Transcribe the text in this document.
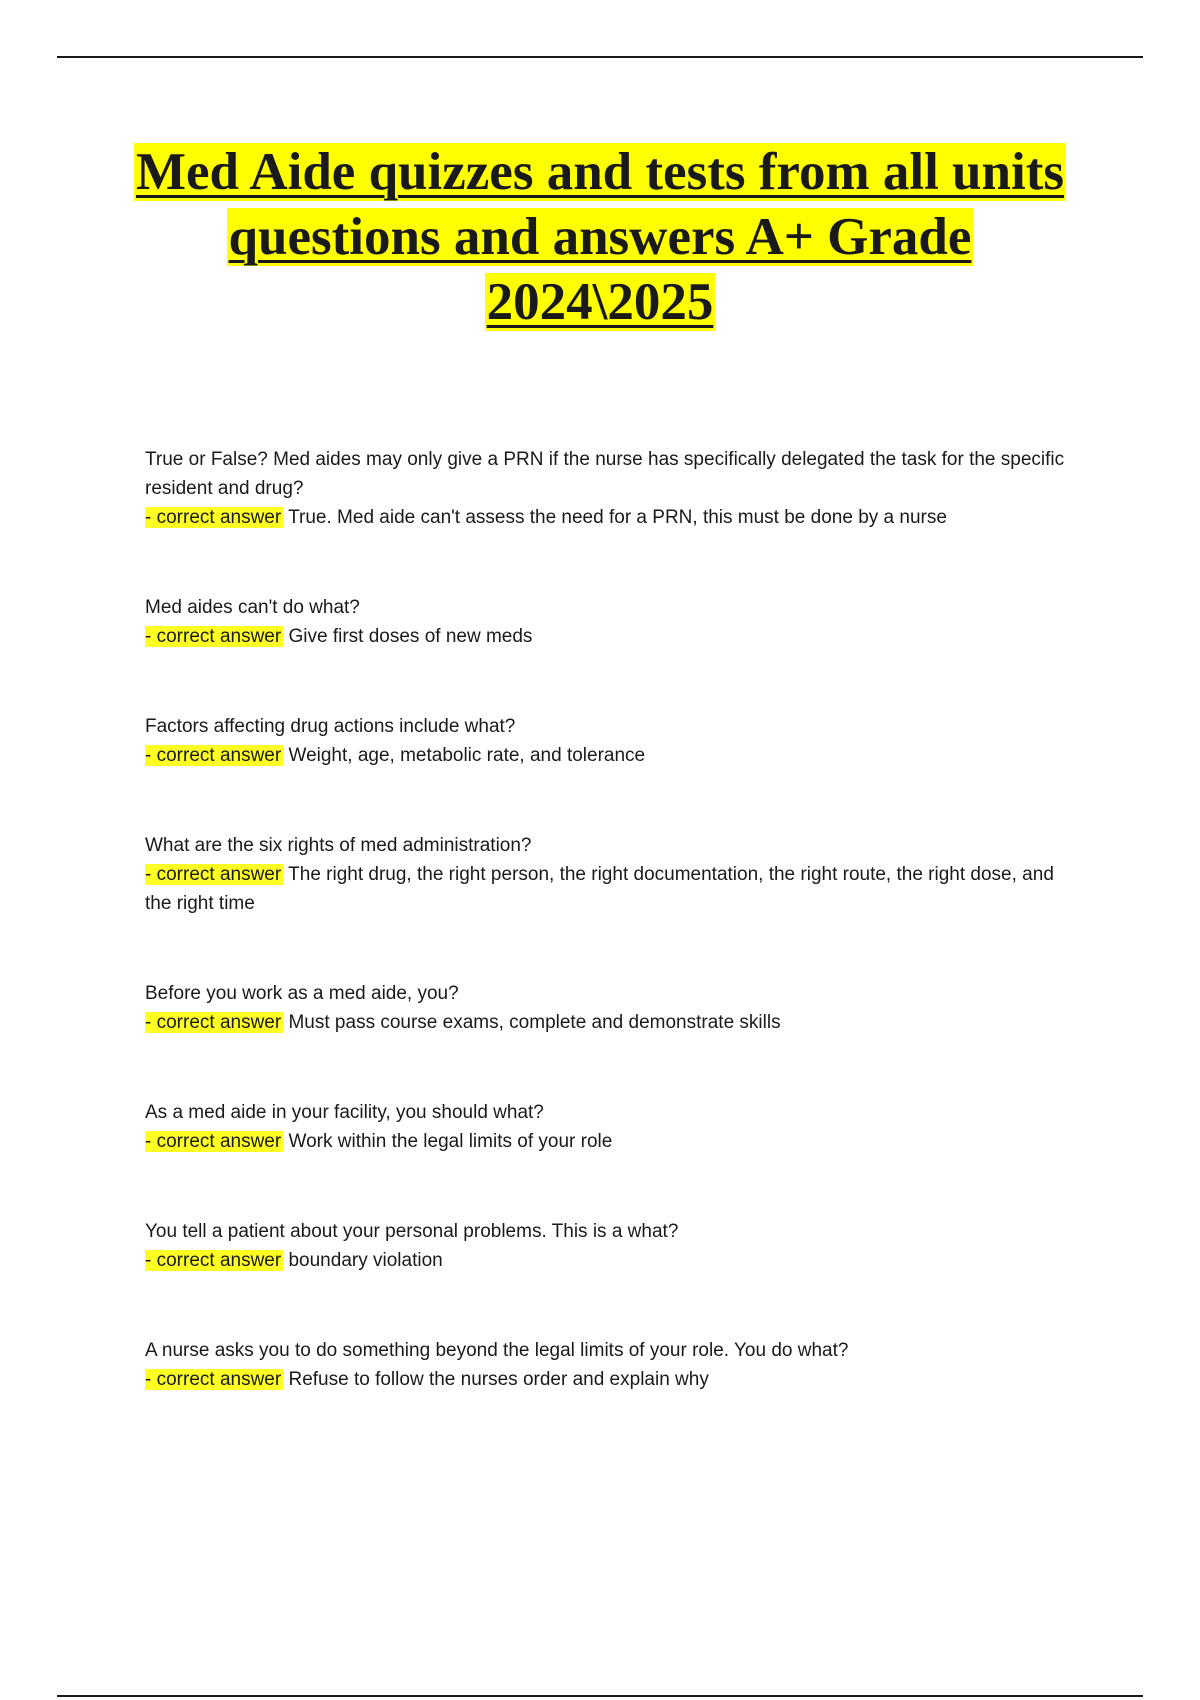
Med Aide quizzes and tests from all units
questions and answers A+ Grade
2024\2025
True or False? Med aides may only give a PRN if the nurse has specifically delegated the task for the specific resident and drug?
- correct answer True. Med aide can't assess the need for a PRN, this must be done by a nurse
Med aides can't do what?
- correct answer Give first doses of new meds
Factors affecting drug actions include what?
- correct answer Weight, age, metabolic rate, and tolerance
What are the six rights of med administration?
- correct answer The right drug, the right person, the right documentation, the right route, the right dose, and the right time
Before you work as a med aide, you?
- correct answer Must pass course exams, complete and demonstrate skills
As a med aide in your facility, you should what?
- correct answer Work within the legal limits of your role
You tell a patient about your personal problems. This is a what?
- correct answer boundary violation
A nurse asks you to do something beyond the legal limits of your role. You do what?
- correct answer Refuse to follow the nurses order and explain why
